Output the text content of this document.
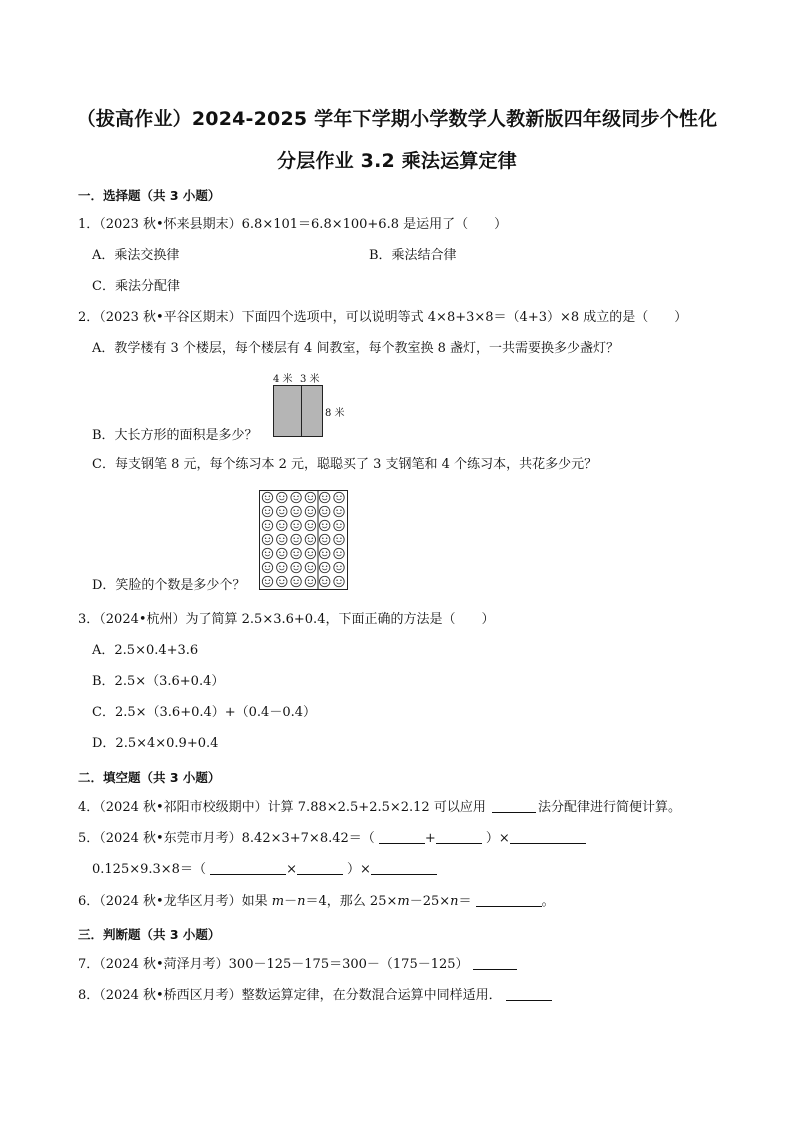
（拔高作业）2024-2025 学年下学期小学数学人教新版四年级同步个性化
分层作业 3.2 乘法运算定律
一．选择题（共 3 小题）
1．（2023 秋•怀来县期末）6.8×101＝6.8×100+6.8 是运用了（　　）
A．乘法交换律	B．乘法结合律
C．乘法分配律
2．（2023 秋•平谷区期末）下面四个选项中，可以说明等式 4×8+3×8＝（4+3）×8 成立的是（　　）
A．教学楼有 3 个楼层，每个楼层有 4 间教室，每个教室换 8 盏灯，一共需要换多少盏灯？
4 米 3 米
8 米
B．大长方形的面积是多少？
C．每支钢笔 8 元，每个练习本 2 元，聪聪买了 3 支钢笔和 4 个练习本，共花多少元？
D．笑脸的个数是多少个？
3．（2024•杭州）为了简算 2.5×3.6+0.4，下面正确的方法是（　　）
A．2.5×0.4+3.6
B．2.5×（3.6+0.4）
C．2.5×（3.6+0.4）+（0.4－0.4）
D．2.5×4×0.9+0.4
二．填空题（共 3 小题）
4．（2024 秋•祁阳市校级期中）计算 7.88×2.5+2.5×2.12 可以应用	法分配律进行简便计算。
5．（2024 秋•东莞市月考）8.42×3+7×8.42＝（	+	）×
0.125×9.3×8＝（	×	）×
6．（2024 秋•龙华区月考）如果 m－n＝4，那么 25×m－25×n＝	。
三．判断题（共 3 小题）
7．（2024 秋•菏泽月考）300－125－175＝300－（175－125）
8．（2024 秋•桥西区月考）整数运算定律，在分数混合运算中同样适用．
